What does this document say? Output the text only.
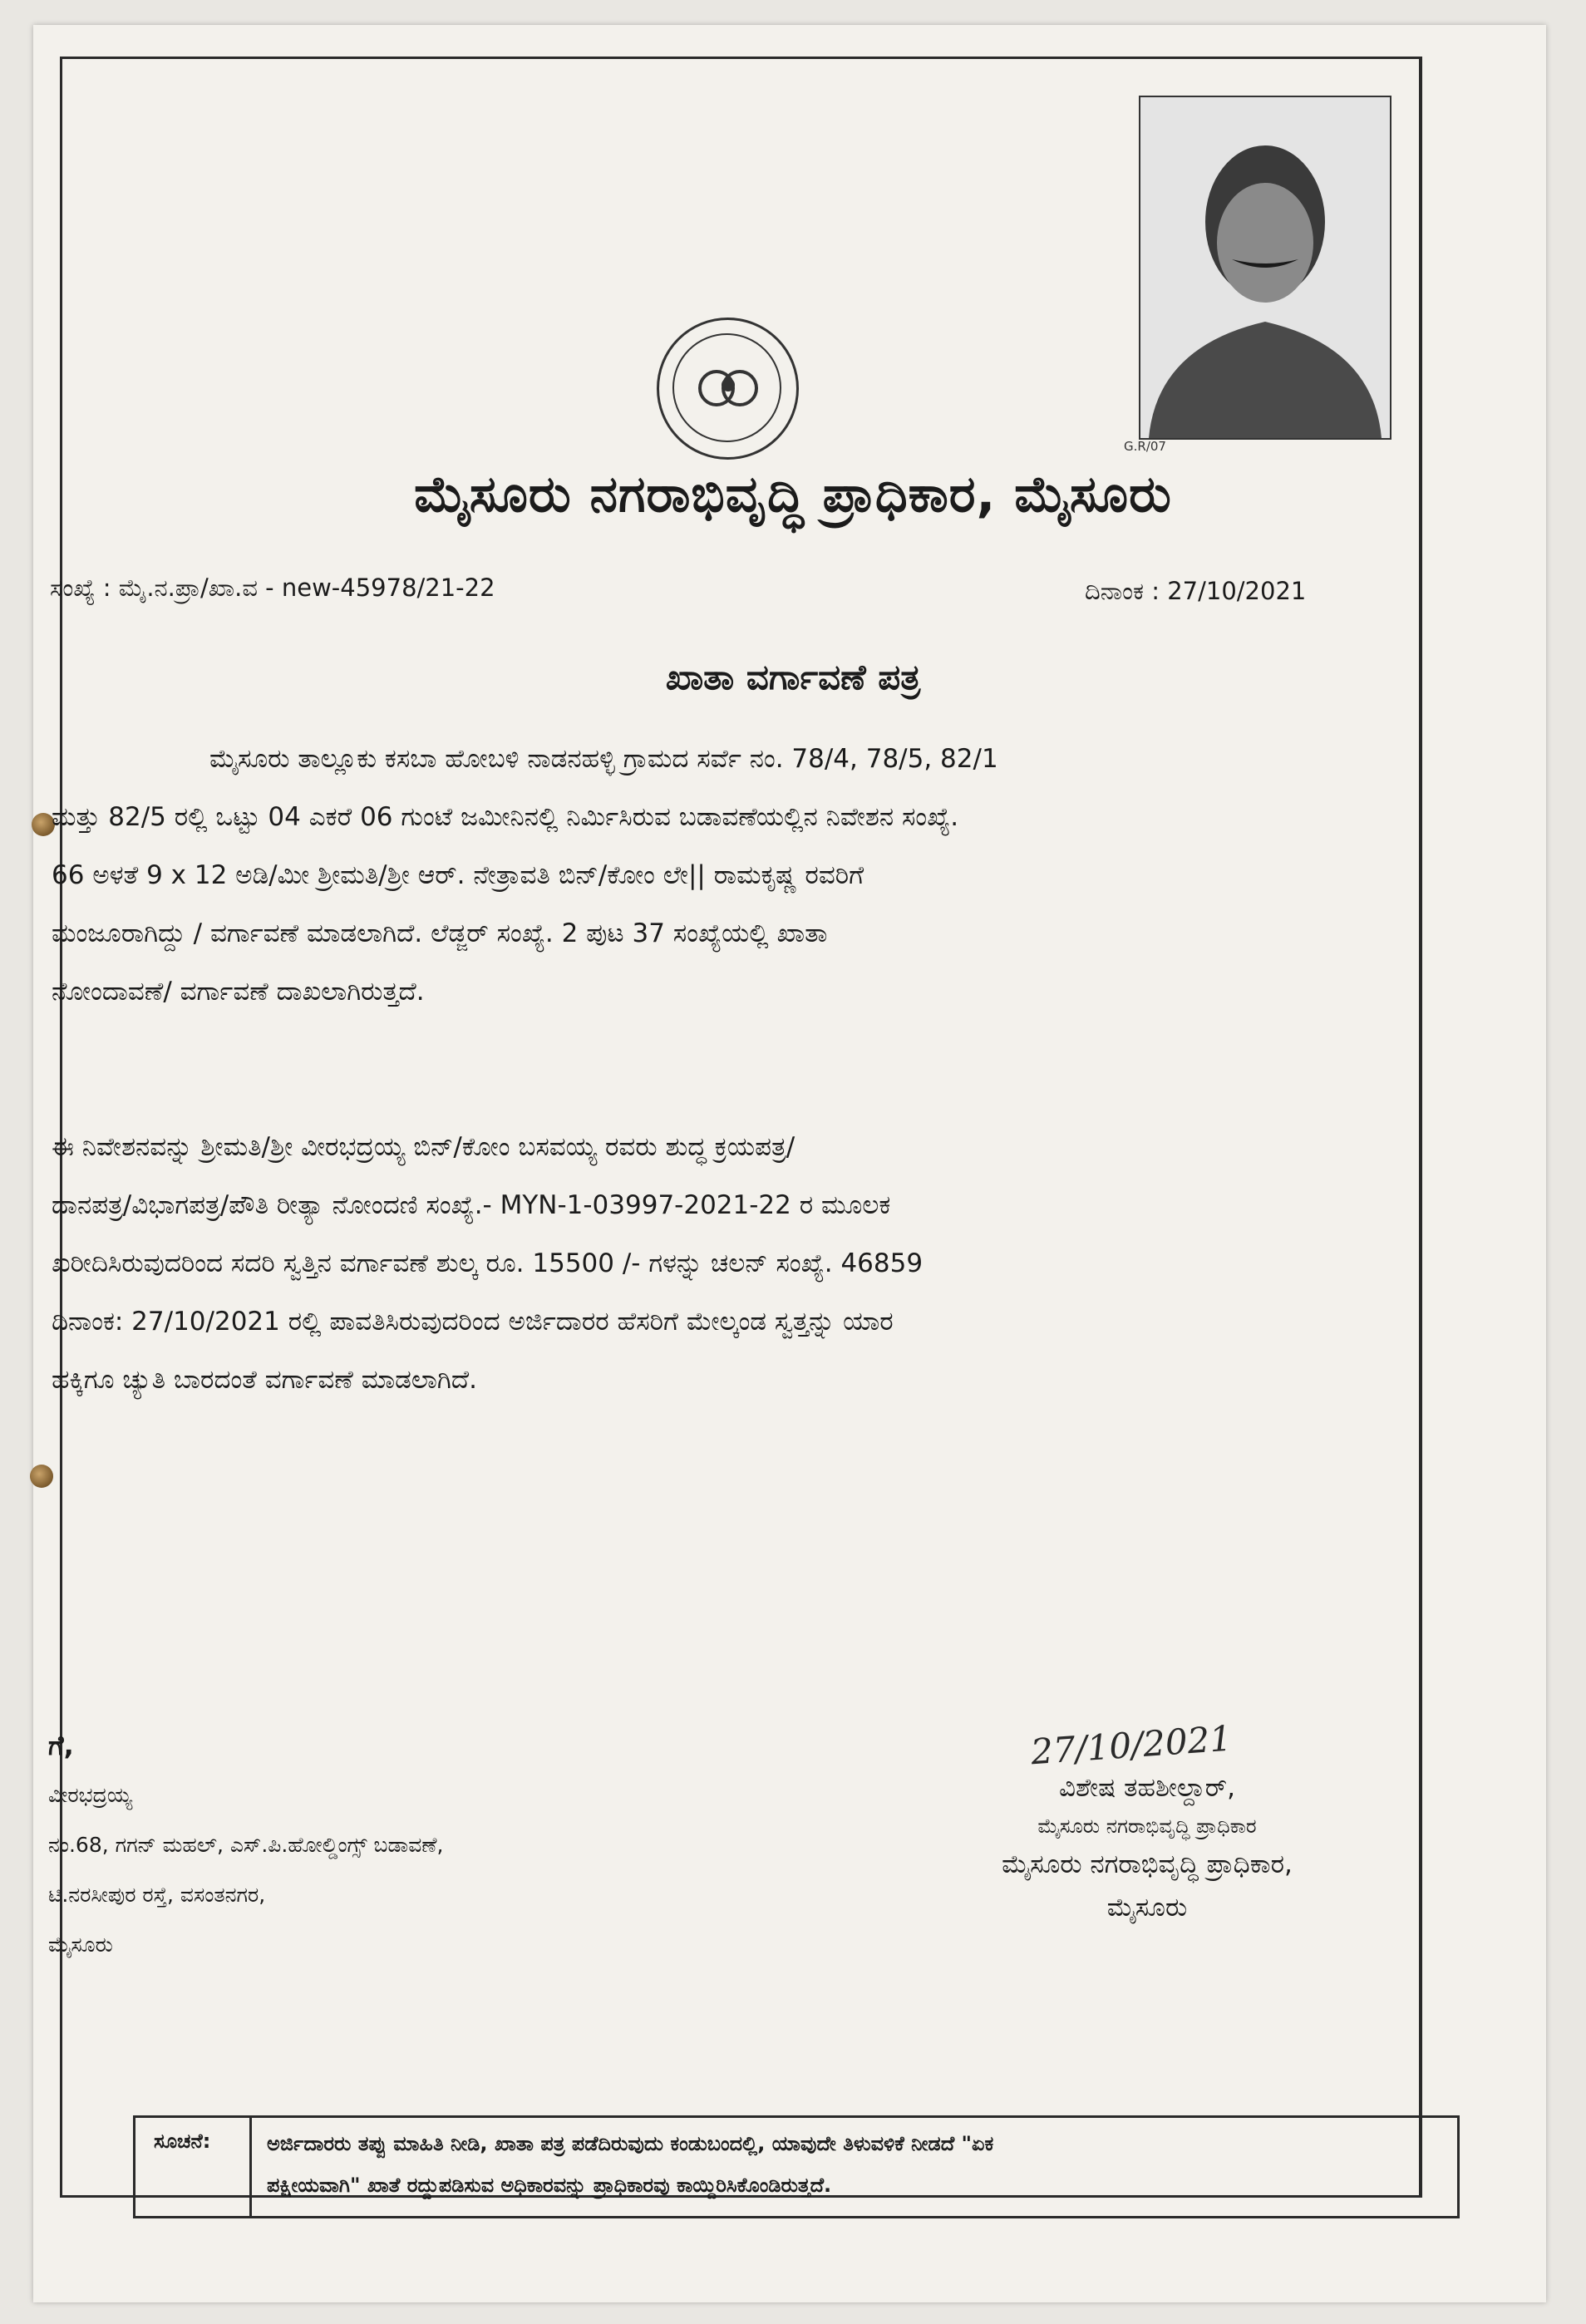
G.R/07
ಮೈಸೂರು ನಗರಾಭಿವೃದ್ಧಿ ಪ್ರಾಧಿಕಾರ, ಮೈಸೂರು
ಸಂಖ್ಯೆ : ಮೈ.ನ.ಪ್ರಾ/ಖಾ.ವ - new-45978/21-22	ದಿನಾಂಕ : 27/10/2021
ಖಾತಾ ವರ್ಗಾವಣೆ ಪತ್ರ

ಮೈಸೂರು ತಾಲ್ಲೂಕು ಕಸಬಾ ಹೋಬಳಿ ನಾಡನಹಳ್ಳಿ ಗ್ರಾಮದ ಸರ್ವೆ ನಂ. 78/4, 78/5, 82/1

ಮತ್ತು 82/5 ರಲ್ಲಿ ಒಟ್ಟು 04 ಎಕರೆ 06 ಗುಂಟೆ ಜಮೀನಿನಲ್ಲಿ ನಿರ್ಮಿಸಿರುವ ಬಡಾವಣೆಯಲ್ಲಿನ ನಿವೇಶನ ಸಂಖ್ಯೆ.

66 ಅಳತೆ 9 x 12 ಅಡಿ/ಮೀ ಶ್ರೀಮತಿ/ಶ್ರೀ ಆರ್. ನೇತ್ರಾವತಿ ಬಿನ್/ಕೋಂ ಲೇ|| ರಾಮಕೃಷ್ಣ ರವರಿಗೆ

ಮಂಜೂರಾಗಿದ್ದು / ವರ್ಗಾವಣೆ ಮಾಡಲಾಗಿದೆ. ಲೆಡ್ಜರ್ ಸಂಖ್ಯೆ. 2 ಪುಟ 37 ಸಂಖ್ಯೆಯಲ್ಲಿ ಖಾತಾ

ನೋಂದಾವಣೆ/ ವರ್ಗಾವಣೆ ದಾಖಲಾಗಿರುತ್ತದೆ.

ಈ ನಿವೇಶನವನ್ನು ಶ್ರೀಮತಿ/ಶ್ರೀ ವೀರಭದ್ರಯ್ಯ ಬಿನ್/ಕೋಂ ಬಸವಯ್ಯ ರವರು ಶುದ್ಧ ಕ್ರಯಪತ್ರ/

ದಾನಪತ್ರ/ವಿಭಾಗಪತ್ರ/ಪೌತಿ ರೀತ್ಯಾ ನೋಂದಣಿ ಸಂಖ್ಯೆ.- MYN-1-03997-2021-22 ರ ಮೂಲಕ

ಖರೀದಿಸಿರುವುದರಿಂದ ಸದರಿ ಸ್ವತ್ತಿನ ವರ್ಗಾವಣೆ ಶುಲ್ಕ ರೂ. 15500 /- ಗಳನ್ನು ಚಲನ್ ಸಂಖ್ಯೆ. 46859

ದಿನಾಂಕ: 27/10/2021 ರಲ್ಲಿ ಪಾವತಿಸಿರುವುದರಿಂದ ಅರ್ಜಿದಾರರ ಹೆಸರಿಗೆ ಮೇಲ್ಕಂಡ ಸ್ವತ್ತನ್ನು ಯಾರ

ಹಕ್ಕಿಗೂ ಚ್ಯುತಿ ಬಾರದಂತೆ ವರ್ಗಾವಣೆ ಮಾಡಲಾಗಿದೆ.

ಗೆ,
ವೀರಭದ್ರಯ್ಯ
ನಂ.68, ಗಗನ್ ಮಹಲ್, ಎಸ್.ಪಿ.ಹೋಲ್ಡಿಂಗ್ಸ್ ಬಡಾವಣೆ,
ಟಿ.ನರಸೀಪುರ ರಸ್ತೆ, ವಸಂತನಗರ,
ಮೈಸೂರು
27/10/2021
ವಿಶೇಷ ತಹಶೀಲ್ದಾರ್,
ಮೈಸೂರು ನಗರಾಭಿವೃದ್ಧಿ ಪ್ರಾಧಿಕಾರ
ಮೈಸೂರು ನಗರಾಭಿವೃದ್ಧಿ ಪ್ರಾಧಿಕಾರ,
ಮೈಸೂರು
ಸೂಚನೆ:	ಅರ್ಜಿದಾರರು ತಪ್ಪು ಮಾಹಿತಿ ನೀಡಿ, ಖಾತಾ ಪತ್ರ ಪಡೆದಿರುವುದು ಕಂಡುಬಂದಲ್ಲಿ, ಯಾವುದೇ ತಿಳುವಳಿಕೆ ನೀಡದೆ "ಏಕ
ಪಕ್ಷೀಯವಾಗಿ" ಖಾತೆ ರದ್ದುಪಡಿಸುವ ಅಧಿಕಾರವನ್ನು ಪ್ರಾಧಿಕಾರವು ಕಾಯ್ದಿರಿಸಿಕೊಂಡಿರುತ್ತದೆ.
